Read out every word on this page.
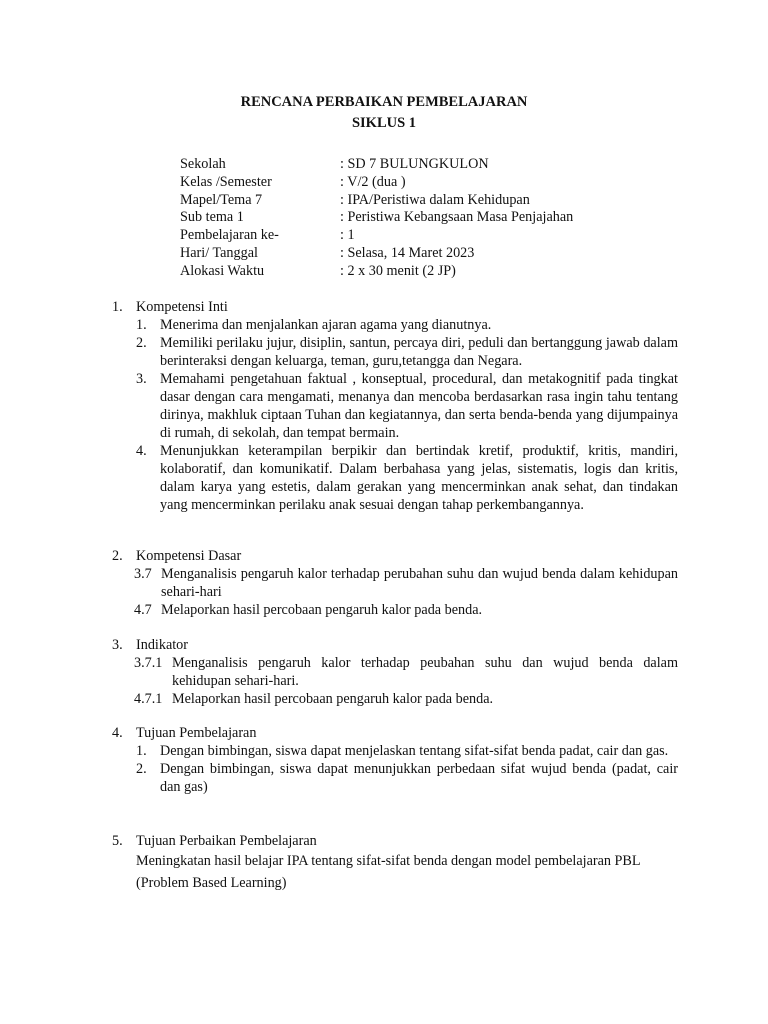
RENCANA PERBAIKAN PEMBELAJARAN
SIKLUS 1
Sekolah	: SD 7 BULUNGKULON
Kelas /Semester	: V/2 (dua )
Mapel/Tema 7	: IPA/Peristiwa dalam Kehidupan
Sub tema 1	: Peristiwa Kebangsaan Masa Penjajahan
Pembelajaran ke-	: 1
Hari/ Tanggal	: Selasa, 14 Maret 2023
Alokasi Waktu	: 2 x 30 menit (2 JP)
1. Kompetensi Inti
1. Menerima dan menjalankan ajaran agama yang dianutnya.
2. Memiliki perilaku jujur, disiplin, santun, percaya diri, peduli dan bertanggung jawab dalam berinteraksi dengan keluarga, teman, guru,tetangga dan Negara.
3. Memahami pengetahuan faktual , konseptual, procedural, dan metakognitif pada tingkat dasar dengan cara mengamati, menanya dan mencoba berdasarkan rasa ingin tahu tentang dirinya, makhluk ciptaan Tuhan dan kegiatannya, dan serta benda-benda yang dijumpainya di rumah, di sekolah, dan tempat bermain.
4. Menunjukkan keterampilan berpikir dan bertindak kretif, produktif, kritis, mandiri, kolaboratif, dan komunikatif. Dalam berbahasa yang jelas, sistematis, logis dan kritis, dalam karya yang estetis, dalam gerakan yang mencerminkan anak sehat, dan tindakan yang mencerminkan perilaku anak sesuai dengan tahap perkembangannya.
2. Kompetensi Dasar
3.7 Menganalisis pengaruh kalor terhadap perubahan suhu dan wujud benda dalam kehidupan sehari-hari
4.7 Melaporkan hasil percobaan pengaruh kalor pada benda.
3. Indikator
3.7.1 Menganalisis pengaruh kalor terhadap peubahan suhu dan wujud benda dalam kehidupan sehari-hari.
4.7.1 Melaporkan hasil percobaan pengaruh kalor pada benda.
4. Tujuan Pembelajaran
1. Dengan bimbingan, siswa dapat menjelaskan tentang sifat-sifat benda padat, cair dan gas.
2. Dengan bimbingan, siswa dapat menunjukkan perbedaan sifat wujud benda (padat, cair dan gas)
5. Tujuan Perbaikan Pembelajaran
Meningkatan hasil belajar IPA tentang sifat-sifat benda dengan model pembelajaran PBL (Problem Based Learning)
